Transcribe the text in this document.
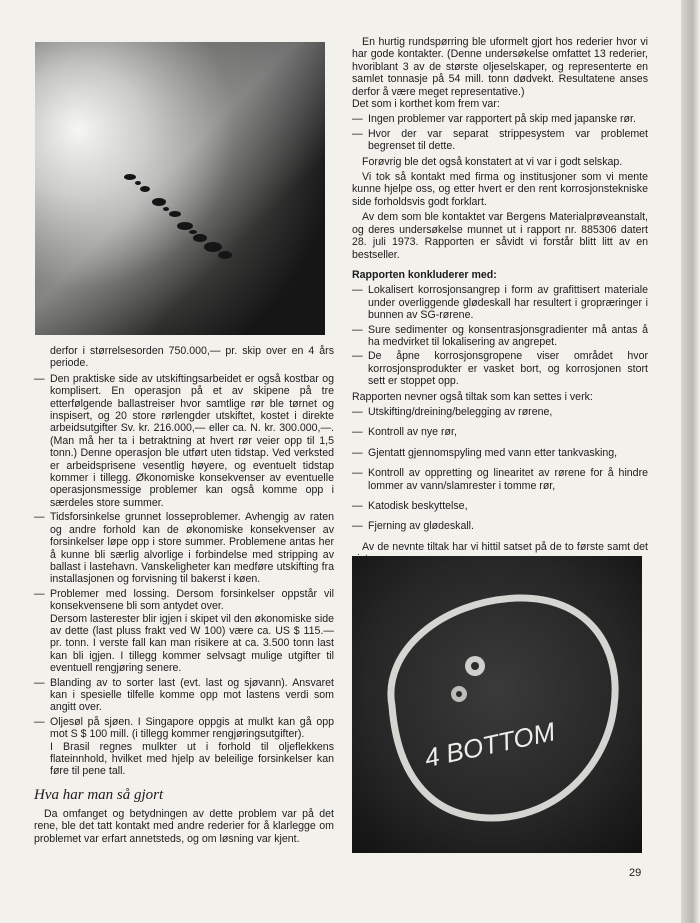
derfor i størrelsesorden 750.000,— pr. skip over en 4 års periode.

— Den praktiske side av utskiftingsarbeidet er også kostbar og komplisert. En operasjon på et av skipene på tre etterfølgende ballastreiser hvor samtlige rør ble tørnet og inspisert, og 20 store rørlengder utskiftet, kostet i direkte arbeidsutgifter Sv. kr. 216.000,— eller ca. N. kr. 300.000,—. (Man må her ta i betraktning at hvert rør veier opp til 1,5 tonn.) Denne operasjon ble utført uten tidstap. Ved verksted er arbeidsprisene vesentlig høyere, og eventuelt tidstap kommer i tillegg. Økonomiske konsekvenser av eventuelle operasjonsmessige problemer kan også komme opp i særdeles store summer.
— Tidsforsinkelse grunnet losseproblemer. Avhengig av raten og andre forhold kan de økonomiske konsekvenser av forsinkelser løpe opp i store summer. Problemene antas her å kunne bli særlig alvorlige i forbindelse med stripping av ballast i lastehavn. Vanskeligheter kan medføre utskifting fra installasjonen og forvisning til bakerst i køen.
— Problemer med lossing. Dersom forsinkelser oppstår vil konsekvensene bli som antydet over.
Dersom lasterester blir igjen i skipet vil den økonomiske side av dette (last pluss frakt ved W 100) være ca. US $ 115.— pr. tonn. I verste fall kan man risikere at ca. 3.500 tonn last kan bli igjen. I tillegg kommer selvsagt mulige utgifter til eventuell rengjøring senere.
— Blanding av to sorter last (evt. last og sjøvann). Ansvaret kan i spesielle tilfelle komme opp mot lastens verdi som angitt over.
— Oljesøl på sjøen. I Singapore oppgis at mulkt kan gå opp mot S $ 100 mill. (i tillegg kommer rengjøringsutgifter).
I Brasil regnes mulkter ut i forhold til oljeflekkens flateinnhold, hvilket med hjelp av beleilige forsinkelser kan føre til pene tall.

Hva har man så gjort

Da omfanget og betydningen av dette problem var på det rene, ble det tatt kontakt med andre rederier for å klarlegge om problemet var erfart annetsteds, og om løsning var kjent.

En hurtig rundspørring ble uformelt gjort hos rederier hvor vi har gode kontakter. (Denne undersøkelse omfattet 13 rederier, hvoriblant 3 av de største oljeselskaper, og representerte en samlet tonnasje på 54 mill. tonn dødvekt. Resultatene anses derfor å være meget representative.)
Det som i korthet kom frem var:

— Ingen problemer var rapportert på skip med japanske rør.
— Hvor der var separat strippesystem var problemet begrenset til dette.

Forøvrig ble det også konstatert at vi var i godt selskap.

Vi tok så kontakt med firma og institusjoner som vi mente kunne hjelpe oss, og etter hvert er den rent korrosjonstekniske side forholdsvis godt forklart.

Av dem som ble kontaktet var Bergens Materialprøveanstalt, og deres undersøkelse munnet ut i rapport nr. 885306 datert 28. juli 1973. Rapporten er såvidt vi forstår blitt litt av en bestseller.

Rapporten konkluderer med:

— Lokalisert korrosjonsangrep i form av grafittisert materiale under overliggende glødeskall har resultert i gropræringer i bunnen av SG-rørene.
— Sure sedimenter og konsentrasjonsgradienter må antas å ha medvirket til lokalisering av angrepet.
— De åpne korrosjonsgropene viser området hvor korrosjonsprodukter er vasket bort, og korrosjonen stort sett er stoppet opp.

Rapporten nevner også tiltak som kan settes i verk:

— Utskifting/dreining/belegging av rørene,
— Kontroll av nye rør,
— Gjentatt gjennomspyling med vann etter tankvasking,
— Kontroll av oppretting og linearitet av rørene for å hindre lommer av vann/slamrester i tomme rør,
— Katodisk beskyttelse,
— Fjerning av glødeskall.

Av de nevnte tiltak har vi hittil satset på de to første samt det

4 BOTTOM
29
